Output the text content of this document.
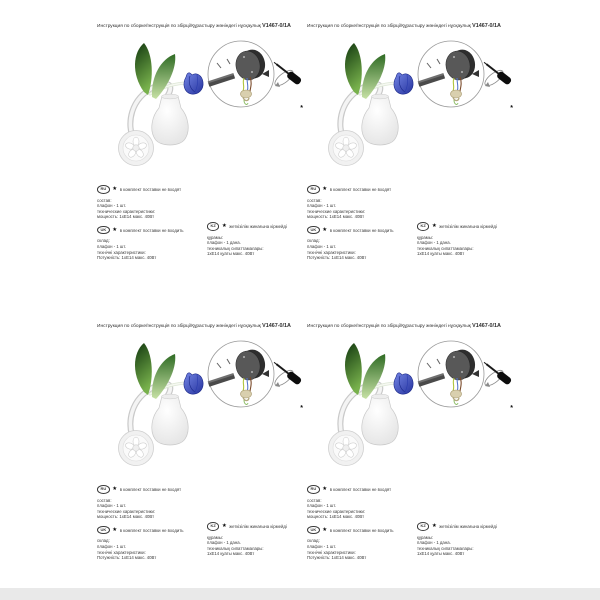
Инструкция по сборке/Інструкція по збірці/Құрастыру жөніндегі нұсқаулық V1467-0/1A
*
RU	★ в комплект поставки не входят
состав:
плафон - 1 шт.
технические характеристики:
мощность: 1хЕ14 макс. 40Вт
UK	★ в комплект поставки не входить
склад:
плафон - 1 шт.
технічні характеристики:
Потужність: 1хЕ14 макс. 40Вт
KZ	★ жеткізілім жинағына кірмейді
құрамы:
плафон - 1 дана.
техникалық сипаттамалары:
1хЕ14 қуаты макс. 40Вт
Инструкция по сборке/Інструкція по збірці/Құрастыру жөніндегі нұсқаулық V1467-0/1A
*
RU	★ в комплект поставки не входят
состав:
плафон - 1 шт.
технические характеристики:
мощность: 1хЕ14 макс. 40Вт
UK	★ в комплект поставки не входить
склад:
плафон - 1 шт.
технічні характеристики:
Потужність: 1хЕ14 макс. 40Вт
KZ	★ жеткізілім жинағына кірмейді
құрамы:
плафон - 1 дана.
техникалық сипаттамалары:
1хЕ14 қуаты макс. 40Вт
Инструкция по сборке/Інструкція по збірці/Құрастыру жөніндегі нұсқаулық V1467-0/1A
*
RU	★ в комплект поставки не входят
состав:
плафон - 1 шт.
технические характеристики:
мощность: 1хЕ14 макс. 40Вт
UK	★ в комплект поставки не входить
склад:
плафон - 1 шт.
технічні характеристики:
Потужність: 1хЕ14 макс. 40Вт
KZ	★ жеткізілім жинағына кірмейді
құрамы:
плафон - 1 дана.
техникалық сипаттамалары:
1хЕ14 қуаты макс. 40Вт
Инструкция по сборке/Інструкція по збірці/Құрастыру жөніндегі нұсқаулық V1467-0/1A
*
RU	★ в комплект поставки не входят
состав:
плафон - 1 шт.
технические характеристики:
мощность: 1хЕ14 макс. 40Вт
UK	★ в комплект поставки не входить
склад:
плафон - 1 шт.
технічні характеристики:
Потужність: 1хЕ14 макс. 40Вт
KZ	★ жеткізілім жинағына кірмейді
құрамы:
плафон - 1 дана.
техникалық сипаттамалары:
1хЕ14 қуаты макс. 40Вт
